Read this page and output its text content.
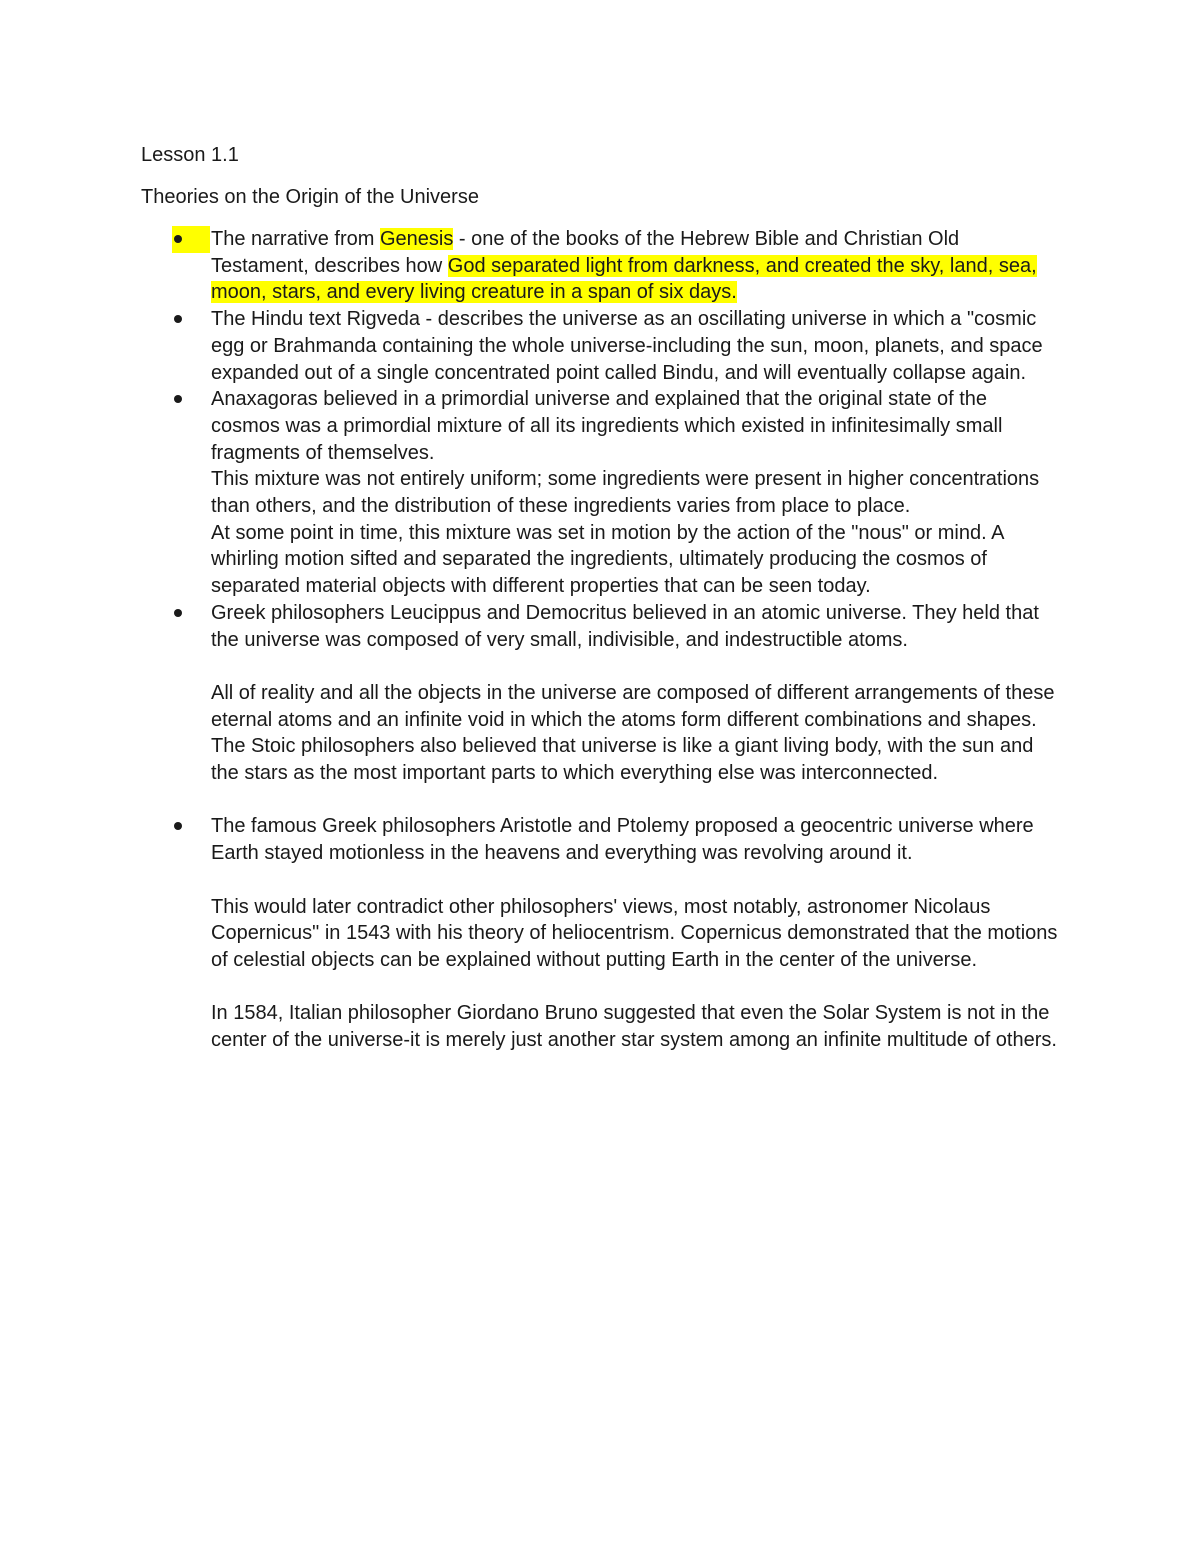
Lesson 1.1
Theories on the Origin of the Universe

The narrative from Genesis - one of the books of the Hebrew Bible and Christian Old Testament, describes how God separated light from darkness, and created the sky, land, sea, moon, stars, and every living creature in a span of six days.

The Hindu text Rigveda - describes the universe as an oscillating universe in which a "cosmic egg or Brahmanda containing the whole universe-including the sun, moon, planets, and space expanded out of a single concentrated point called Bindu, and will eventually collapse again.

Anaxagoras believed in a primordial universe and explained that the original state of the cosmos was a primordial mixture of all its ingredients which existed in infinitesimally small fragments of themselves.

This mixture was not entirely uniform; some ingredients were present in higher concentrations than others, and the distribution of these ingredients varies from place to place.

At some point in time, this mixture was set in motion by the action of the "nous" or mind. A whirling motion sifted and separated the ingredients, ultimately producing the cosmos of separated material objects with different properties that can be seen today.

Greek philosophers Leucippus and Democritus believed in an atomic universe. They held that the universe was composed of very small, indivisible, and indestructible atoms.

All of reality and all the objects in the universe are composed of different arrangements of these eternal atoms and an infinite void in which the atoms form different combinations and shapes. The Stoic philosophers also believed that universe is like a giant living body, with the sun and the stars as the most important parts to which everything else was interconnected.

The famous Greek philosophers Aristotle and Ptolemy proposed a geocentric universe where Earth stayed motionless in the heavens and everything was revolving around it.

This would later contradict other philosophers' views, most notably, astronomer Nicolaus Copernicus" in 1543 with his theory of heliocentrism. Copernicus demonstrated that the motions of celestial objects can be explained without putting Earth in the center of the universe.

In 1584, Italian philosopher Giordano Bruno suggested that even the Solar System is not in the center of the universe-it is merely just another star system among an infinite multitude of others.
